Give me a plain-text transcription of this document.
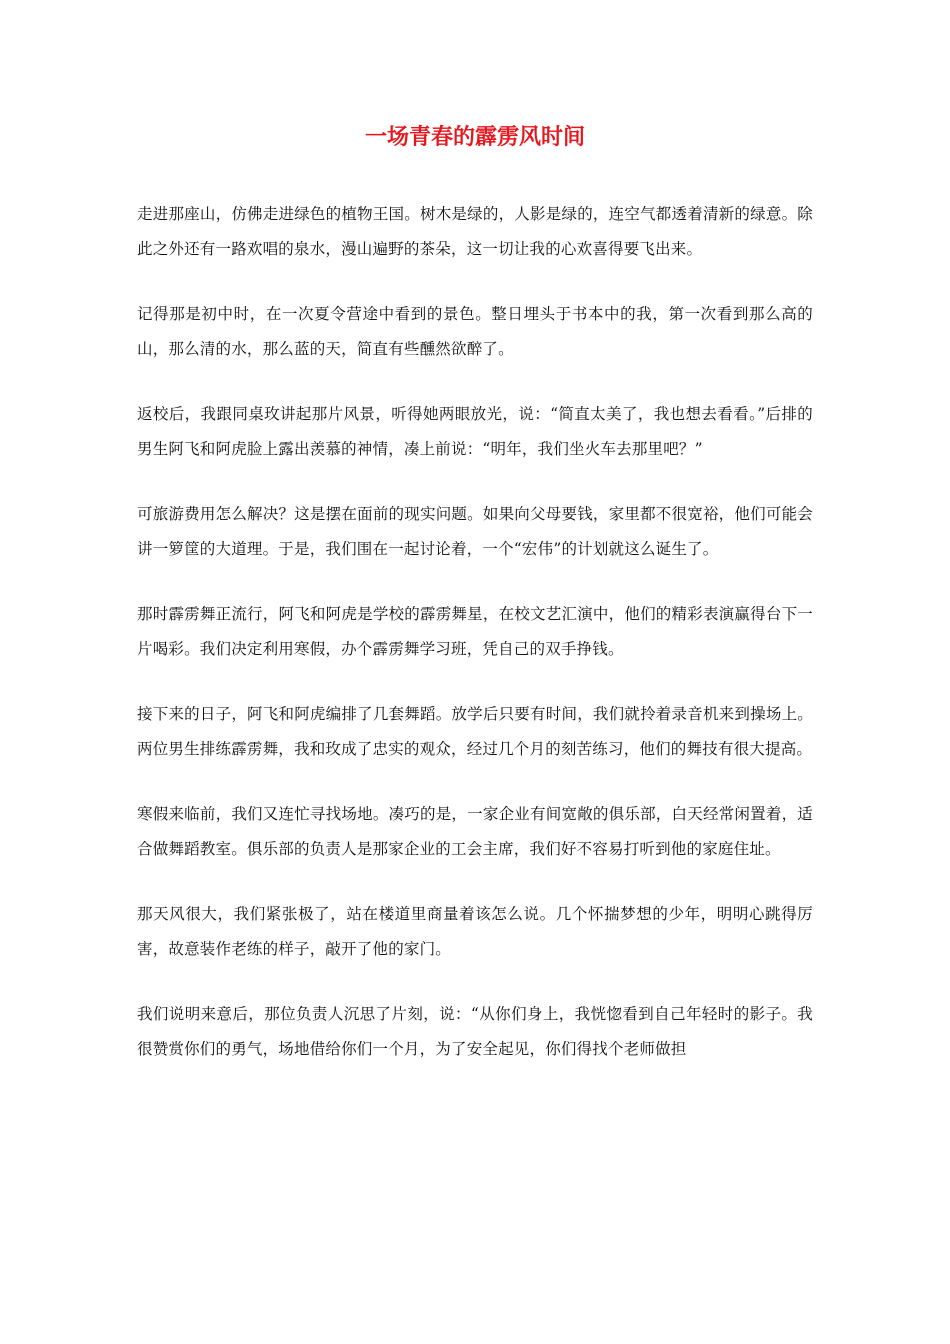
一场青春的霹雳风时间

走进那座山，仿佛走进绿色的植物王国。树木是绿的，人影是绿的，连空气都透着清新的绿意。除此之外还有一路欢唱的泉水，漫山遍野的茶朵，这一切让我的心欢喜得要飞出来。

记得那是初中时，在一次夏令营途中看到的景色。整日埋头于书本中的我，第一次看到那么高的山，那么清的水，那么蓝的天，简直有些醺然欲醉了。

返校后，我跟同桌玫讲起那片风景，听得她两眼放光，说：“简直太美了，我也想去看看。”后排的男生阿飞和阿虎脸上露出羡慕的神情，凑上前说：“明年，我们坐火车去那里吧？”

可旅游费用怎么解决？这是摆在面前的现实问题。如果向父母要钱，家里都不很宽裕，他们可能会讲一箩筐的大道理。于是，我们围在一起讨论着，一个“宏伟”的计划就这么诞生了。

那时霹雳舞正流行，阿飞和阿虎是学校的霹雳舞星，在校文艺汇演中，他们的精彩表演赢得台下一片喝彩。我们决定利用寒假，办个霹雳舞学习班，凭自己的双手挣钱。

接下来的日子，阿飞和阿虎编排了几套舞蹈。放学后只要有时间，我们就拎着录音机来到操场上。两位男生排练霹雳舞，我和玫成了忠实的观众，经过几个月的刻苦练习，他们的舞技有很大提高。

寒假来临前，我们又连忙寻找场地。凑巧的是，一家企业有间宽敞的俱乐部，白天经常闲置着，适合做舞蹈教室。俱乐部的负责人是那家企业的工会主席，我们好不容易打听到他的家庭住址。

那天风很大，我们紧张极了，站在楼道里商量着该怎么说。几个怀揣梦想的少年，明明心跳得厉害，故意装作老练的样子，敲开了他的家门。

我们说明来意后，那位负责人沉思了片刻，说：“从你们身上，我恍惚看到自己年轻时的影子。我很赞赏你们的勇气，场地借给你们一个月，为了安全起见，你们得找个老师做担
